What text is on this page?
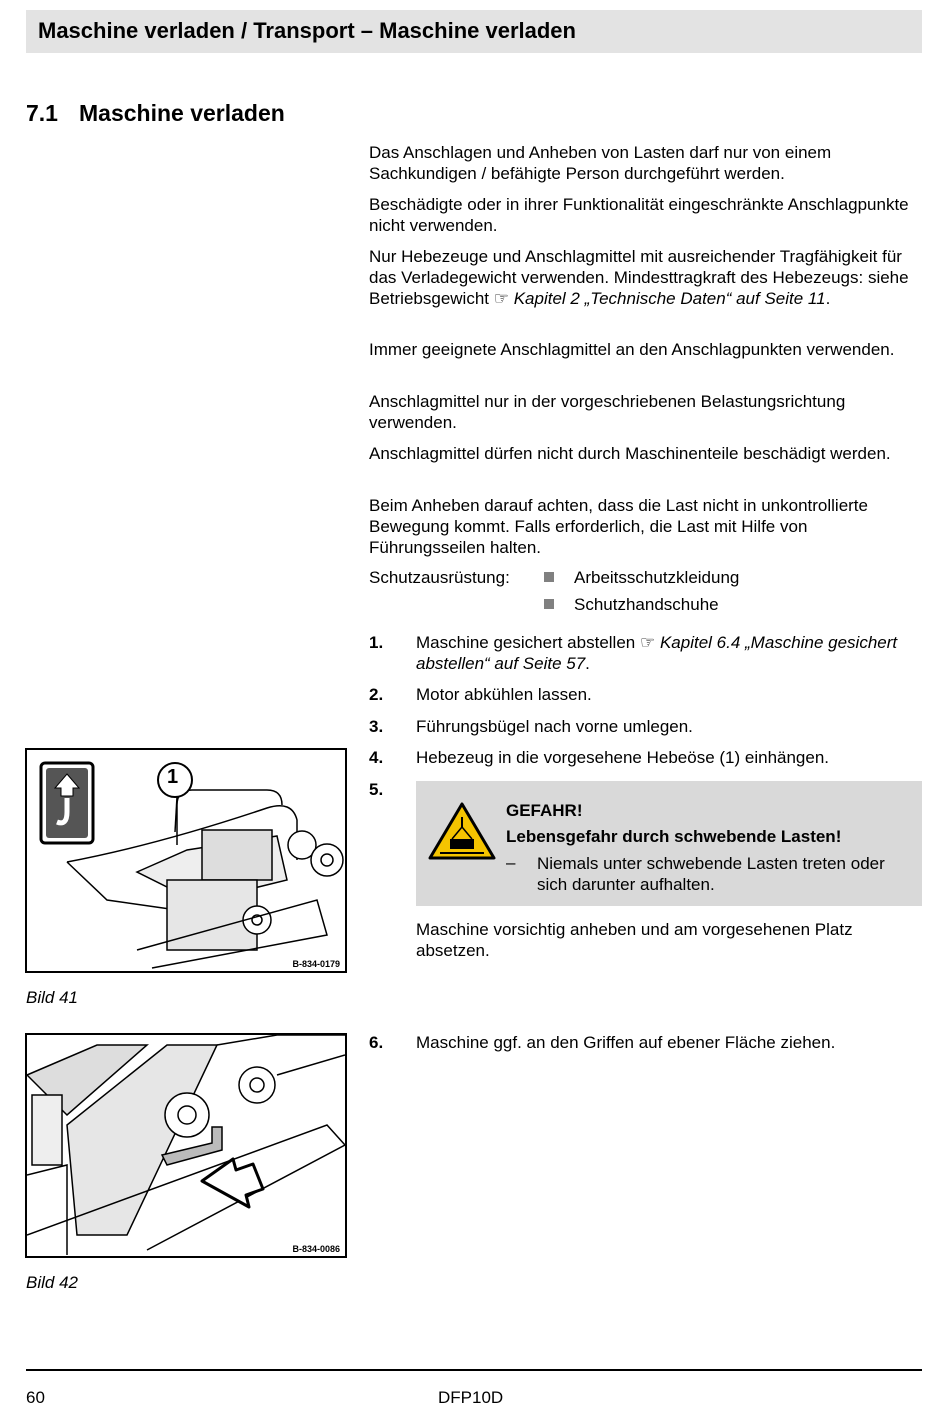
Maschine verladen / Transport – Maschine verladen
7.1 Maschine verladen

Das Anschlagen und Anheben von Lasten darf nur von einem Sachkundigen / befähigte Person durchgeführt werden.

Beschädigte oder in ihrer Funktionalität eingeschränkte Anschlagpunkte nicht verwenden.

Nur Hebezeuge und Anschlagmittel mit ausreichender Tragfähigkeit für das Verladegewicht verwenden. Mindesttragkraft des Hebezeugs: siehe Betriebsgewicht ☞ Kapitel 2 „Technische Daten“ auf Seite 11.

Immer geeignete Anschlagmittel an den Anschlagpunkten verwenden.

Anschlagmittel nur in der vorgeschriebenen Belastungsrichtung verwenden.

Anschlagmittel dürfen nicht durch Maschinenteile beschädigt werden.

Beim Anheben darauf achten, dass die Last nicht in unkontrollierte Bewegung kommt. Falls erforderlich, die Last mit Hilfe von Führungsseilen halten.

Schutzausrüstung:	Arbeitsschutzkleidung
Schutzhandschuhe
1. Maschine gesichert abstellen ☞ Kapitel 6.4 „Maschine gesichert abstellen“ auf Seite 57.

2. Motor abkühlen lassen.

3. Führungsbügel nach vorne umlegen.

4. Hebezeug in die vorgesehene Hebeöse (1) einhängen.

5.
GEFAHR!
Lebensgefahr durch schwebende Lasten!
– Niemals unter schwebende Lasten treten oder sich darunter aufhalten.

Maschine vorsichtig anheben und am vorgesehenen Platz absetzen.

6. Maschine ggf. an den Griffen auf ebener Fläche ziehen.

1
B-834-0179
Bild 41
B-834-0086
Bild 42
60	DFP10D
